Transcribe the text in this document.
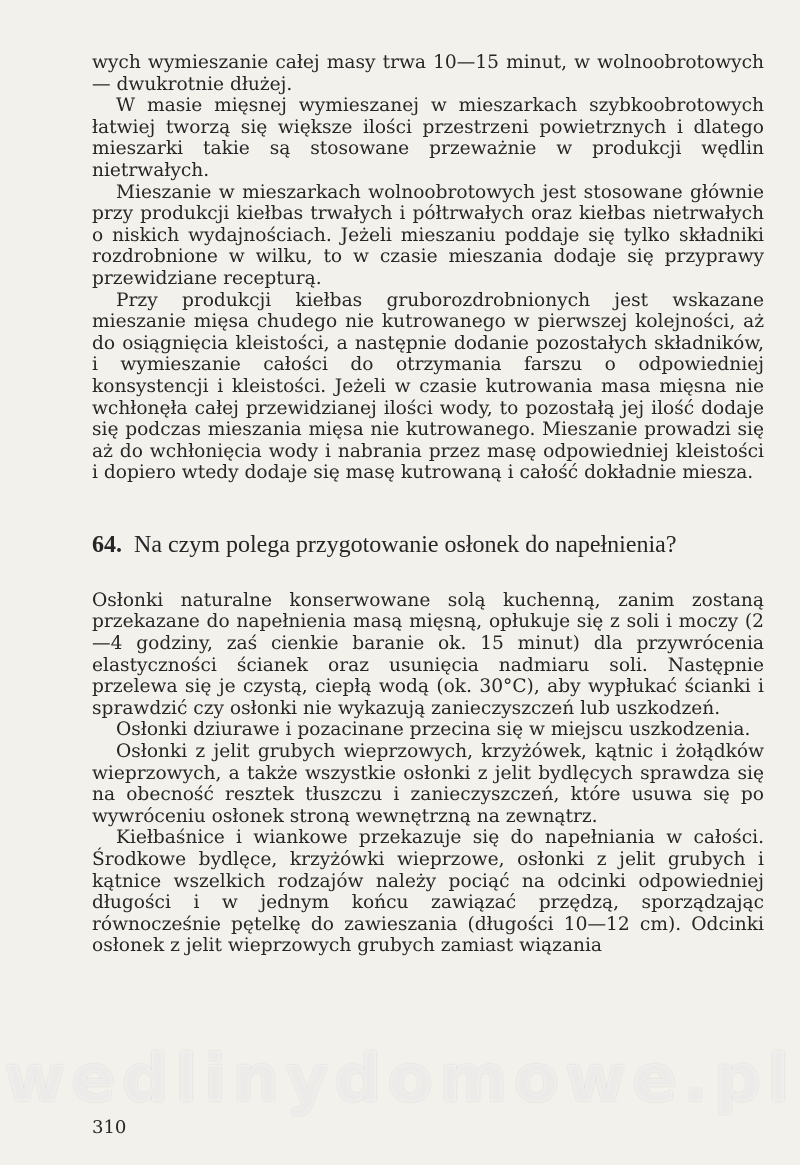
wych wymieszanie całej masy trwa 10—15 minut, w wolnoobrotowych — dwukrotnie dłużej.

W masie mięsnej wymieszanej w mieszarkach szybkoobrotowych łatwiej tworzą się większe ilości przestrzeni powietrznych i dlatego mieszarki takie są stosowane przeważnie w produkcji wędlin nietrwałych.

Mieszanie w mieszarkach wolnoobrotowych jest stosowane głównie przy produkcji kiełbas trwałych i półtrwałych oraz kiełbas nietrwałych o niskich wydajnościach. Jeżeli mieszaniu poddaje się tylko składniki rozdrobnione w wilku, to w czasie mieszania dodaje się przyprawy przewidziane recepturą.

Przy produkcji kiełbas gruborozdrobnionych jest wskazane mieszanie mięsa chudego nie kutrowanego w pierwszej kolejności, aż do osiągnięcia kleistości, a następnie dodanie pozostałych składników, i wymieszanie całości do otrzymania farszu o odpowiedniej konsystencji i kleistości. Jeżeli w czasie kutrowania masa mięsna nie wchłonęła całej przewidzianej ilości wody, to pozostałą jej ilość dodaje się podczas mieszania mięsa nie kutrowanego. Mieszanie prowadzi się aż do wchłonięcia wody i nabrania przez masę odpowiedniej kleistości i dopiero wtedy dodaje się masę kutrowaną i całość dokładnie miesza.

64. Na czym polega przygotowanie osłonek do napełnienia?

Osłonki naturalne konserwowane solą kuchenną, zanim zostaną przekazane do napełnienia masą mięsną, opłukuje się z soli i moczy (2—4 godziny, zaś cienkie baranie ok. 15 minut) dla przywrócenia elastyczności ścianek oraz usunięcia nadmiaru soli. Następnie przelewa się je czystą, ciepłą wodą (ok. 30°C), aby wypłukać ścianki i sprawdzić czy osłonki nie wykazują zanieczyszczeń lub uszkodzeń.

Osłonki dziurawe i pozacinane przecina się w miejscu uszkodzenia.

Osłonki z jelit grubych wieprzowych, krzyżówek, kątnic i żołądków wieprzowych, a także wszystkie osłonki z jelit bydlęcych sprawdza się na obecność resztek tłuszczu i zanieczyszczeń, które usuwa się po wywróceniu osłonek stroną wewnętrzną na zewnątrz.

Kiełbaśnice i wiankowe przekazuje się do napełniania w całości. Środkowe bydlęce, krzyżówki wieprzowe, osłonki z jelit grubych i kątnice wszelkich rodzajów należy pociąć na odcinki odpowiedniej długości i w jednym końcu zawiązać przędzą, sporządzając równocześnie pętelkę do zawieszania (długości 10—12 cm). Odcinki osłonek z jelit wieprzowych grubych zamiast wiązania

wedlinydomowe.pl
310
